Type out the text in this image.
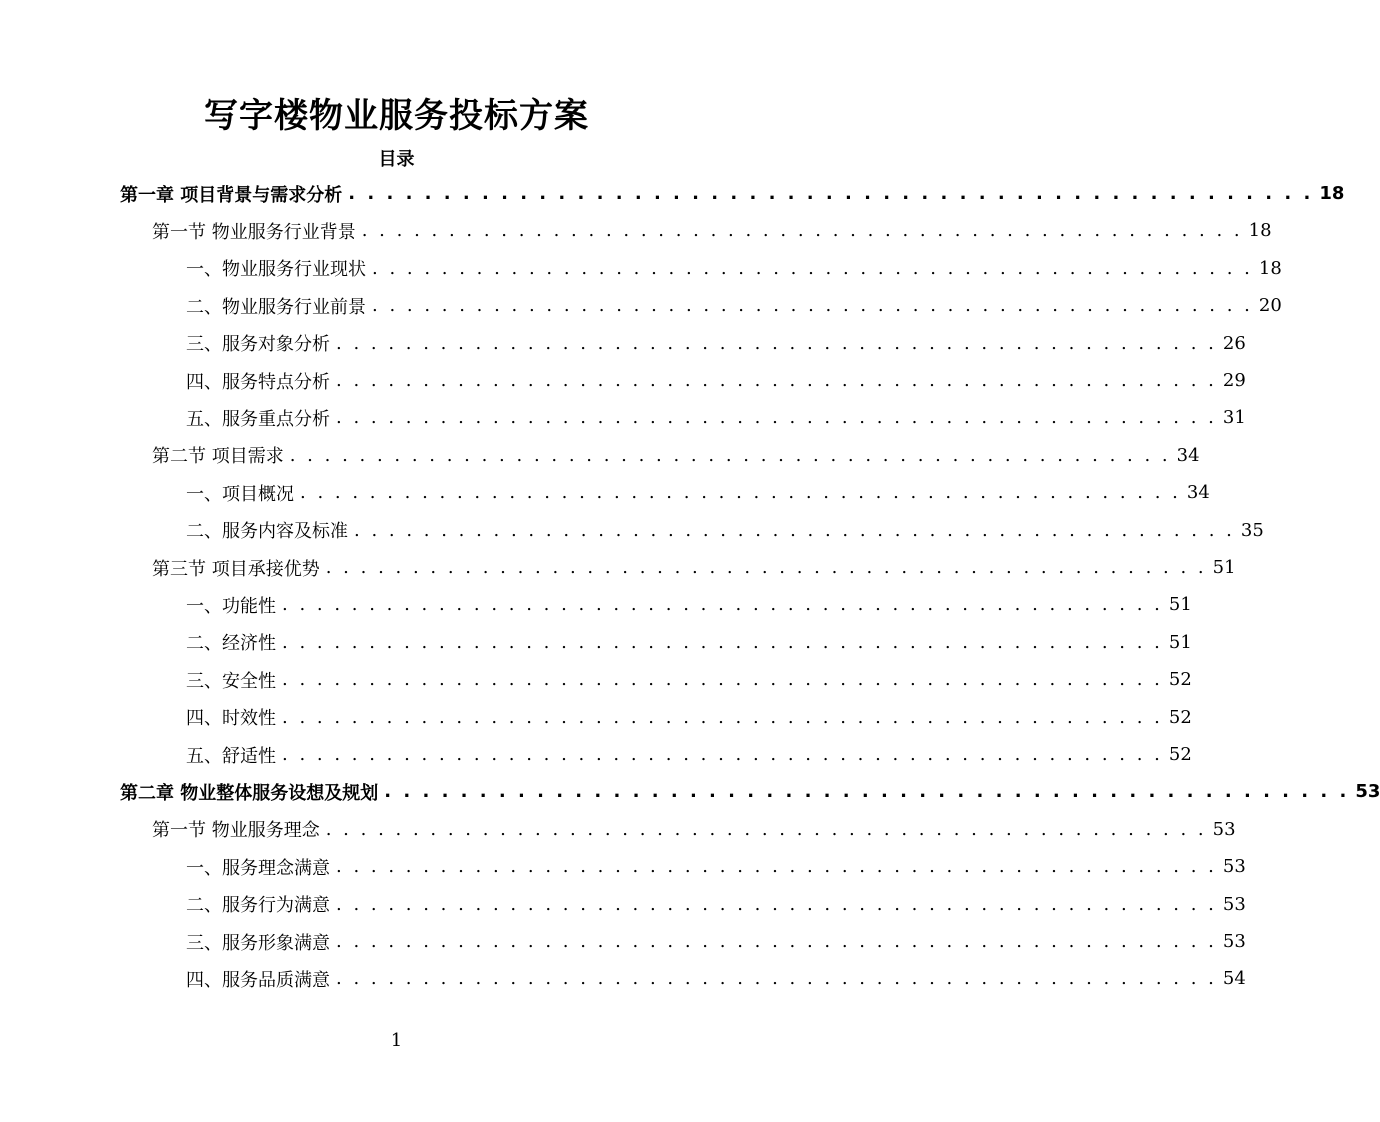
写字楼物业服务投标方案
目录
第一章 项目背景与需求分析 . . . . . . . . . . . . . . . . . . . . . . . . . . . . . . . . . . . . . . . . . . . . . . . . . . . 18
第一节 物业服务行业背景 . . . . . . . . . . . . . . . . . . . . . . . . . . . . . . . . . . . . . . . . . . . . . . . . . . . 18
一、物业服务行业现状 . . . . . . . . . . . . . . . . . . . . . . . . . . . . . . . . . . . . . . . . . . . . . . . . . . . 18
二、物业服务行业前景 . . . . . . . . . . . . . . . . . . . . . . . . . . . . . . . . . . . . . . . . . . . . . . . . . . . 20
三、服务对象分析 . . . . . . . . . . . . . . . . . . . . . . . . . . . . . . . . . . . . . . . . . . . . . . . . . . . 26
四、服务特点分析 . . . . . . . . . . . . . . . . . . . . . . . . . . . . . . . . . . . . . . . . . . . . . . . . . . . 29
五、服务重点分析 . . . . . . . . . . . . . . . . . . . . . . . . . . . . . . . . . . . . . . . . . . . . . . . . . . . 31
第二节 项目需求 . . . . . . . . . . . . . . . . . . . . . . . . . . . . . . . . . . . . . . . . . . . . . . . . . . . 34
一、项目概况 . . . . . . . . . . . . . . . . . . . . . . . . . . . . . . . . . . . . . . . . . . . . . . . . . . . 34
二、服务内容及标准 . . . . . . . . . . . . . . . . . . . . . . . . . . . . . . . . . . . . . . . . . . . . . . . . . . . 35
第三节 项目承接优势 . . . . . . . . . . . . . . . . . . . . . . . . . . . . . . . . . . . . . . . . . . . . . . . . . . . 51
一、功能性 . . . . . . . . . . . . . . . . . . . . . . . . . . . . . . . . . . . . . . . . . . . . . . . . . . . 51
二、经济性 . . . . . . . . . . . . . . . . . . . . . . . . . . . . . . . . . . . . . . . . . . . . . . . . . . . 51
三、安全性 . . . . . . . . . . . . . . . . . . . . . . . . . . . . . . . . . . . . . . . . . . . . . . . . . . . 52
四、时效性 . . . . . . . . . . . . . . . . . . . . . . . . . . . . . . . . . . . . . . . . . . . . . . . . . . . 52
五、舒适性 . . . . . . . . . . . . . . . . . . . . . . . . . . . . . . . . . . . . . . . . . . . . . . . . . . . 52
第二章 物业整体服务设想及规划 . . . . . . . . . . . . . . . . . . . . . . . . . . . . . . . . . . . . . . . . . . . . . . . . . . . 53
第一节 物业服务理念 . . . . . . . . . . . . . . . . . . . . . . . . . . . . . . . . . . . . . . . . . . . . . . . . . . . 53
一、服务理念满意 . . . . . . . . . . . . . . . . . . . . . . . . . . . . . . . . . . . . . . . . . . . . . . . . . . . 53
二、服务行为满意 . . . . . . . . . . . . . . . . . . . . . . . . . . . . . . . . . . . . . . . . . . . . . . . . . . . 53
三、服务形象满意 . . . . . . . . . . . . . . . . . . . . . . . . . . . . . . . . . . . . . . . . . . . . . . . . . . . 53
四、服务品质满意 . . . . . . . . . . . . . . . . . . . . . . . . . . . . . . . . . . . . . . . . . . . . . . . . . . . 54
1
